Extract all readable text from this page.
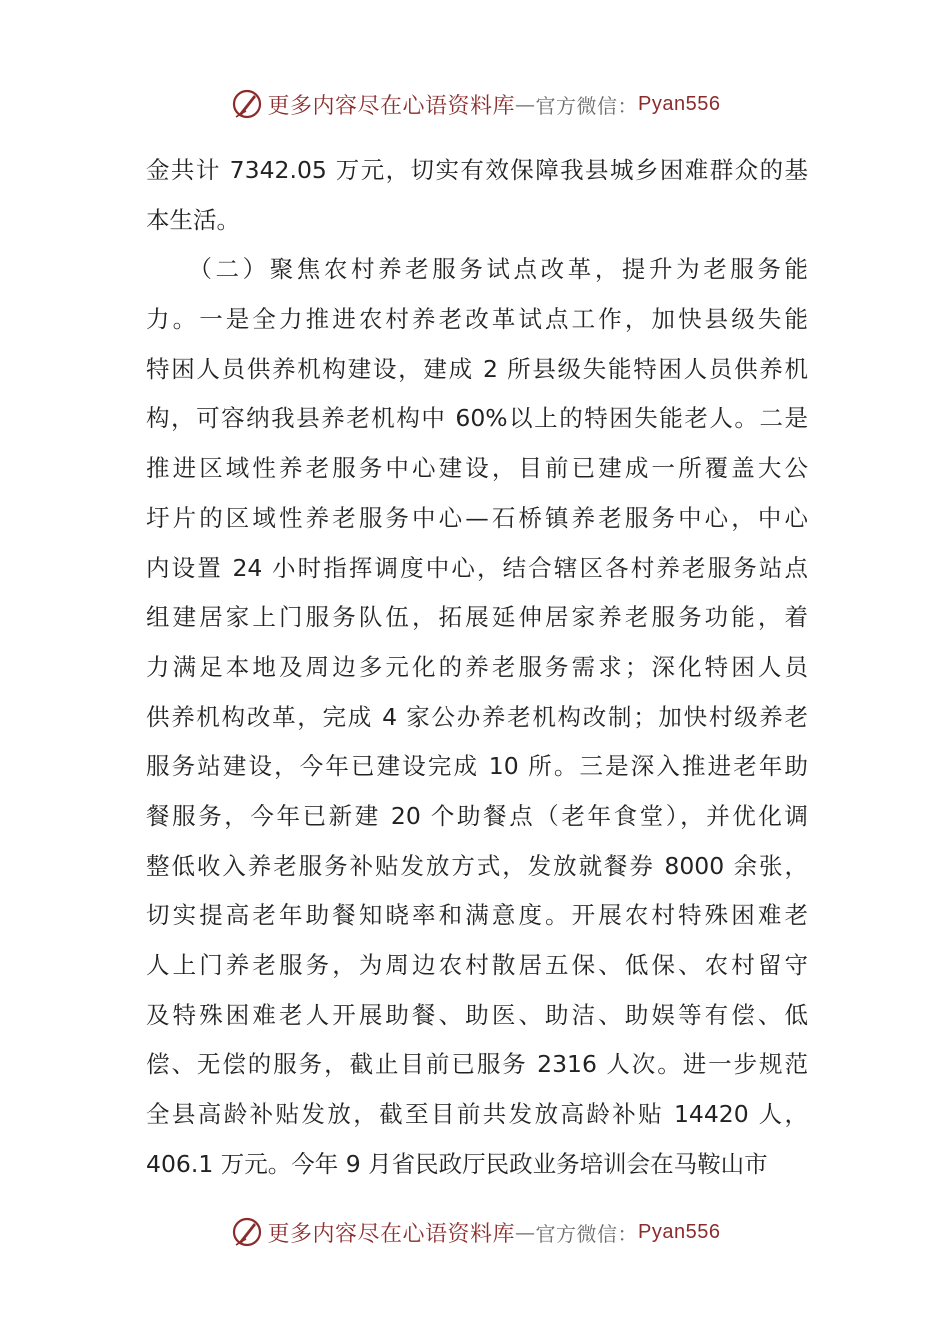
更多内容尽在心语资料库 — 官方微信： Pyan556
金共计 7342.05 万元，切实有效保障我县城乡困难群众的基
本生活。
　　（二）聚焦农村养老服务试点改革，提升为老服务能
力。一是全力推进农村养老改革试点工作，加快县级失能
特困人员供养机构建设，建成 2 所县级失能特困人员供养机
构，可容纳我县养老机构中 60%以上的特困失能老人。二是
推进区域性养老服务中心建设，目前已建成一所覆盖大公
圩片的区域性养老服务中心—石桥镇养老服务中心，中心
内设置 24 小时指挥调度中心，结合辖区各村养老服务站点
组建居家上门服务队伍，拓展延伸居家养老服务功能，着
力满足本地及周边多元化的养老服务需求；深化特困人员
供养机构改革，完成 4 家公办养老机构改制；加快村级养老
服务站建设，今年已建设完成 10 所。三是深入推进老年助
餐服务，今年已新建 20 个助餐点（老年食堂），并优化调
整低收入养老服务补贴发放方式，发放就餐券 8000 余张，
切实提高老年助餐知晓率和满意度。开展农村特殊困难老
人上门养老服务，为周边农村散居五保、低保、农村留守
及特殊困难老人开展助餐、助医、助洁、助娱等有偿、低
偿、无偿的服务，截止目前已服务 2316 人次。进一步规范
全县高龄补贴发放，截至目前共发放高龄补贴 14420 人，
406.1 万元。今年 9 月省民政厅民政业务培训会在马鞍山市
更多内容尽在心语资料库 — 官方微信： Pyan556
